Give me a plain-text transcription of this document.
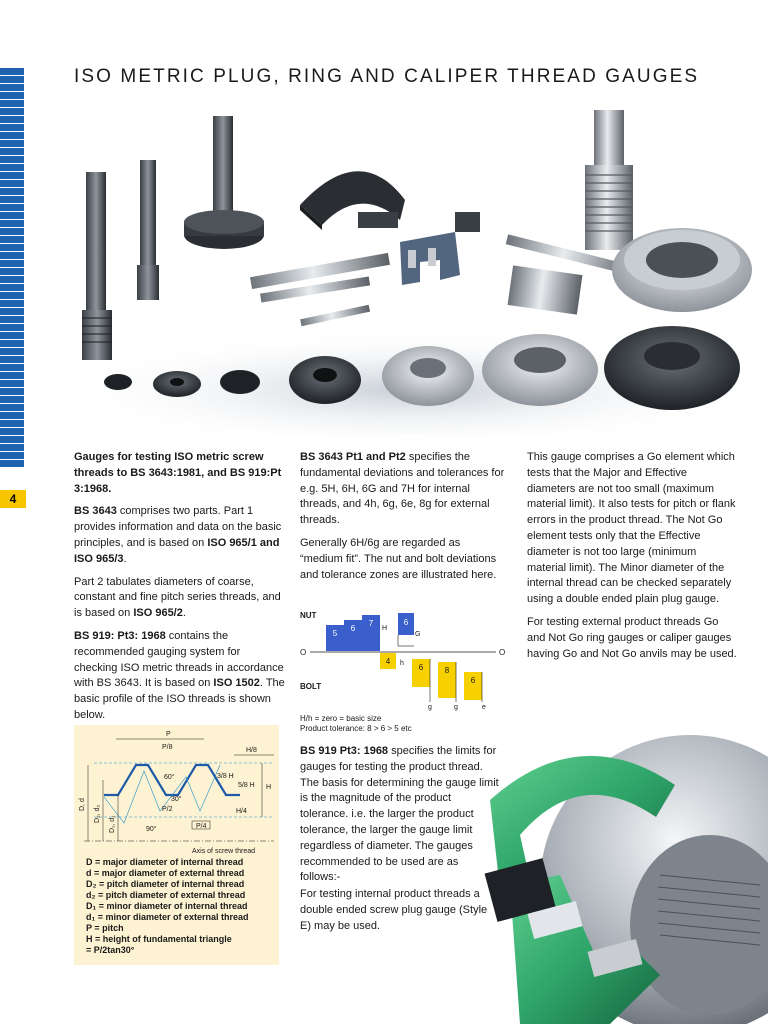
4
ISO METRIC PLUG, RING AND CALIPER THREAD GAUGES

Gauges for testing ISO metric screw threads to BS 3643:1981, and BS 919:Pt 3:1968.

BS 3643 comprises two parts. Part 1 provides information and data on the basic principles, and is based on ISO 965/1 and ISO 965/3.

Part 2 tabulates diameters of coarse, constant and fine pitch series threads, and is based on ISO 965/2.

BS 919: Pt3: 1968 contains the recommended gauging system for checking ISO metric threads in accordance with BS 3643. It is based on ISO 1502. The basic profile of the ISO threads is shown below.

BS 3643 Pt1 and Pt2 specifies the fundamental deviations and tolerances for e.g. 5H, 6H, 6G and 7H for internal threads, and 4h, 6g, 6e, 8g for external threads.

Generally 6H/6g are regarded as “medium fit”. The nut and bolt deviations and tolerance zones are illustrated here.

NUT
BOLT
O	O
5
6
7	6
H
G
4
6	8
6
h
g	g	e
H/h = zero = basic size
Product tolerance: 8 > 6 > 5 etc

BS 919 Pt3: 1968 specifies the limits for gauges for testing the product thread. The basis for determining the gauge limit is the magnitude of the product tolerance. i.e. the larger the product tolerance, the larger the gauge limit regardless of diameter. The gauges recommended to be used are as follows:-

For testing internal product threads a double ended screw plug gauge (Style E) may be used.

This gauge comprises a Go element which tests that the Major and Effective diameters are not too small (maximum material limit). It also tests for pitch or flank errors in the product thread. The Not Go element tests only that the Effective diameter is not too large (minimum material limit). The Minor diameter of the internal thread can be checked separately using a double ended plain plug gauge.

For testing external product threads Go and Not Go ring gauges or caliper gauges having Go and Not Go anvils may be used.

P
P/8	H/8
60°	3/8 H
5/8 H H
30°
P/2
P/4
H/4
90°
D, d
D₂, d₂
D₁, d₁
Axis of screw thread
D = major diameter of internal thread
d = major diameter of external thread
D₂ = pitch diameter of internal thread
d₂ = pitch diameter of external thread
D₁ = minor diameter of internal thread
d₁ = minor diameter of external thread
P = pitch
H = height of fundamental triangle
= P/2tan30°
